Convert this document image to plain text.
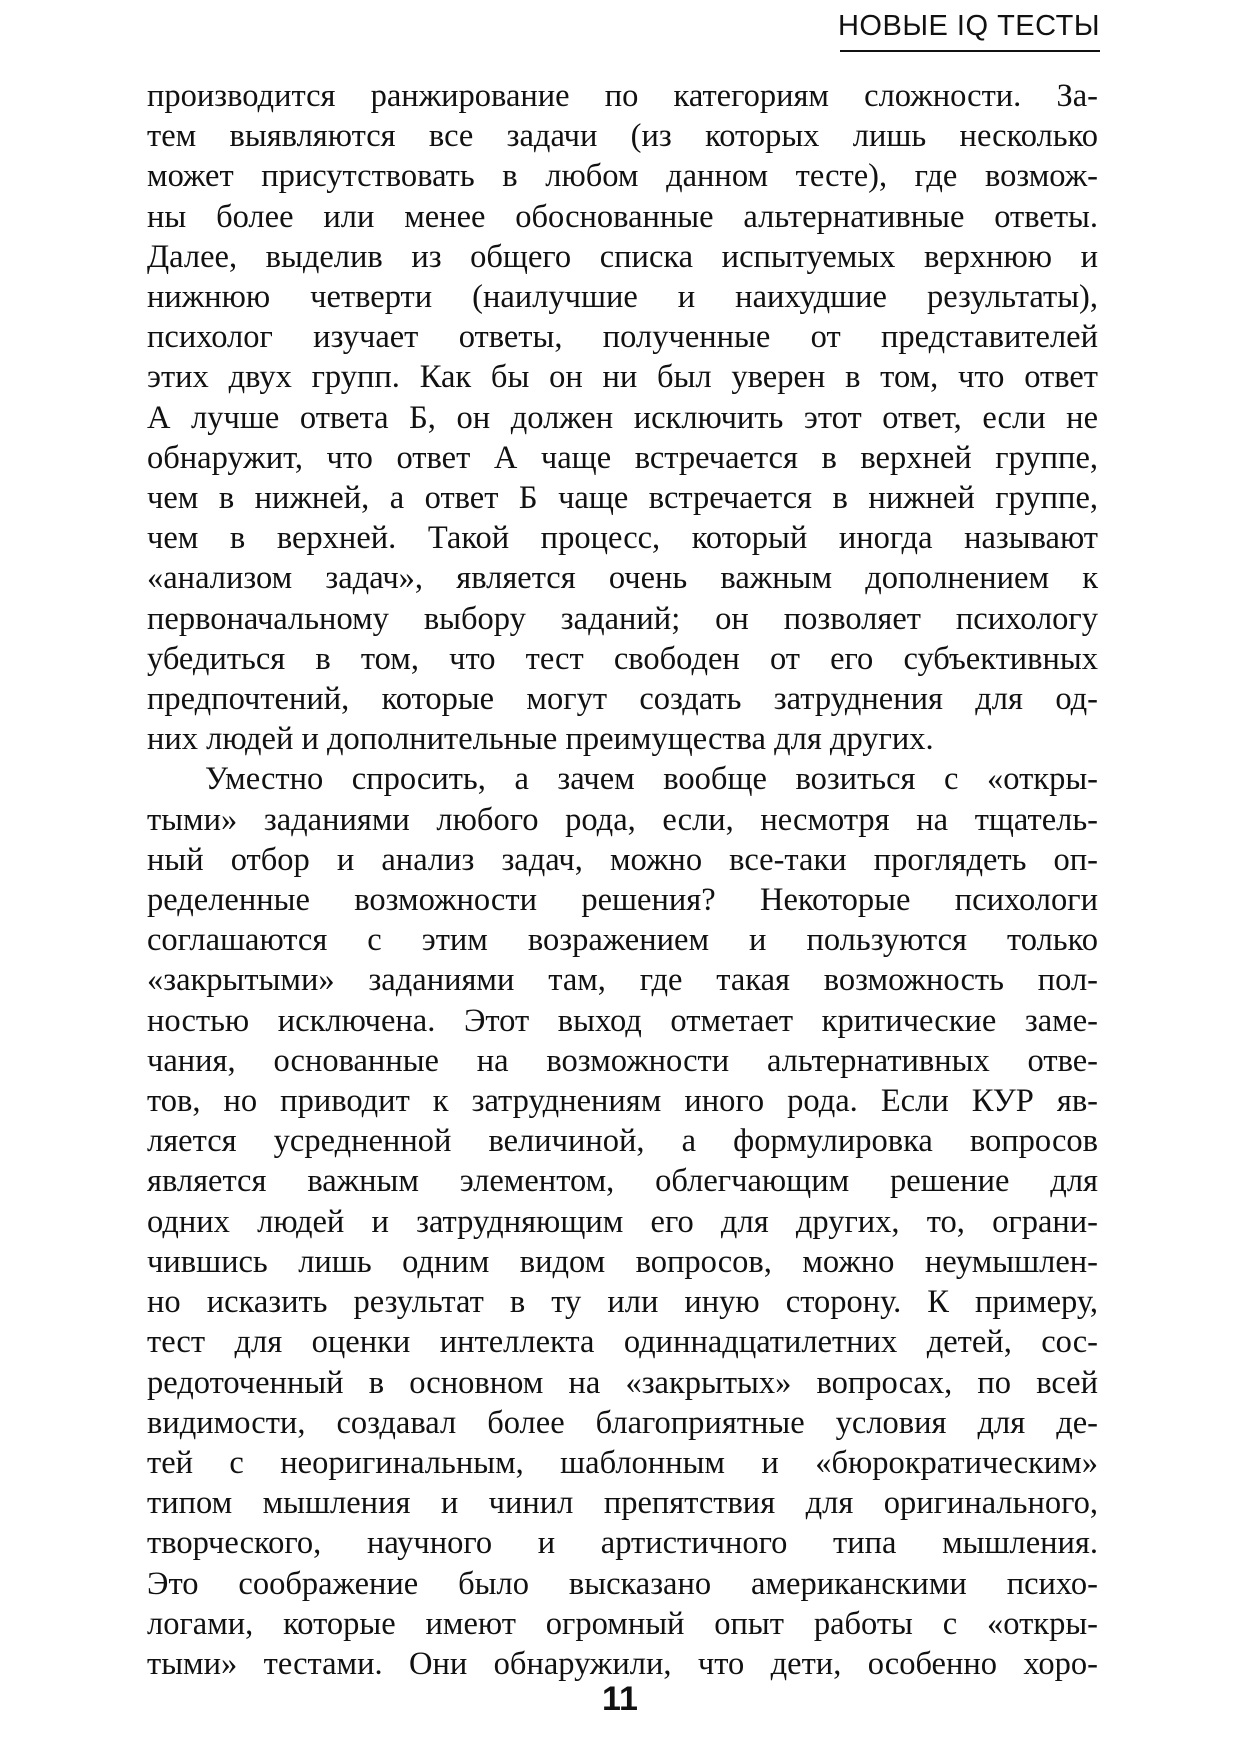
НОВЫЕ IQ ТЕСТЫ
производится ранжирование по категориям сложности. За-
тем выявляются все задачи (из которых лишь несколько
может присутствовать в любом данном тесте), где возмож-
ны более или менее обоснованные альтернативные ответы.
Далее, выделив из общего списка испытуемых верхнюю и
нижнюю четверти (наилучшие и наихудшие результаты),
психолог изучает ответы, полученные от представителей
этих двух групп. Как бы он ни был уверен в том, что ответ
А лучше ответа Б, он должен исключить этот ответ, если не
обнаружит, что ответ А чаще встречается в верхней группе,
чем в нижней, а ответ Б чаще встречается в нижней группе,
чем в верхней. Такой процесс, который иногда называют
«анализом задач», является очень важным дополнением к
первоначальному выбору заданий; он позволяет психологу
убедиться в том, что тест свободен от его субъективных
предпочтений, которые могут создать затруднения для од-
них людей и дополнительные преимущества для других.
Уместно спросить, а зачем вообще возиться с «откры-
тыми» заданиями любого рода, если, несмотря на тщатель-
ный отбор и анализ задач, можно все-таки проглядеть оп-
ределенные возможности решения? Некоторые психологи
соглашаются с этим возражением и пользуются только
«закрытыми» заданиями там, где такая возможность пол-
ностью исключена. Этот выход отметает критические заме-
чания, основанные на возможности альтернативных отве-
тов, но приводит к затруднениям иного рода. Если КУР яв-
ляется усредненной величиной, а формулировка вопросов
является важным элементом, облегчающим решение для
одних людей и затрудняющим его для других, то, ограни-
чившись лишь одним видом вопросов, можно неумышлен-
но исказить результат в ту или иную сторону. К примеру,
тест для оценки интеллекта одиннадцатилетних детей, сос-
редоточенный в основном на «закрытых» вопросах, по всей
видимости, создавал более благоприятные условия для де-
тей с неоригинальным, шаблонным и «бюрократическим»
типом мышления и чинил препятствия для оригинального,
творческого, научного и артистичного типа мышления.
Это соображение было высказано американскими психо-
логами, которые имеют огромный опыт работы с «откры-
тыми» тестами. Они обнаружили, что дети, особенно хоро-
11
